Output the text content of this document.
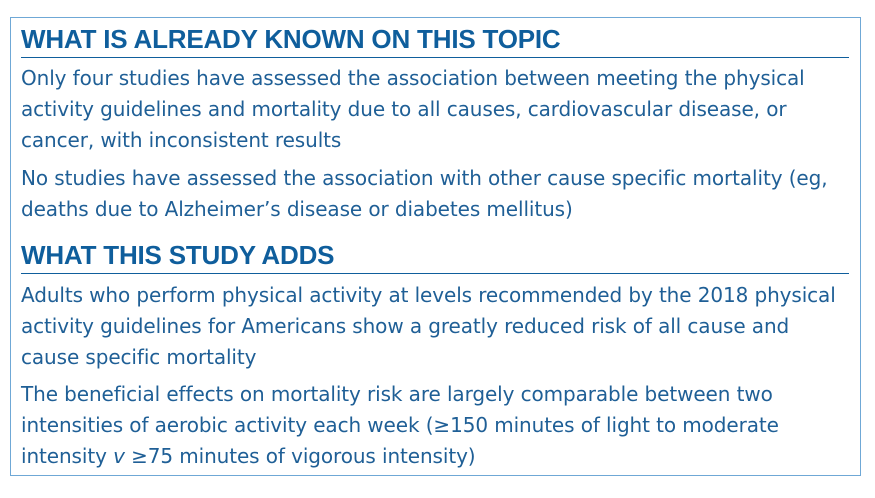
WHAT IS ALREADY KNOWN ON THIS TOPIC
Only four studies have assessed the association between meeting the physical activity guidelines and mortality due to all causes, cardiovascular disease, or cancer, with inconsistent results
No studies have assessed the association with other cause specific mortality (eg, deaths due to Alzheimer’s disease or diabetes mellitus)
WHAT THIS STUDY ADDS
Adults who perform physical activity at levels recommended by the 2018 physical activity guidelines for Americans show a greatly reduced risk of all cause and cause specific mortality
The beneficial effects on mortality risk are largely comparable between two intensities of aerobic activity each week (≥150 minutes of light to moderate intensity v ≥75 minutes of vigorous intensity)
